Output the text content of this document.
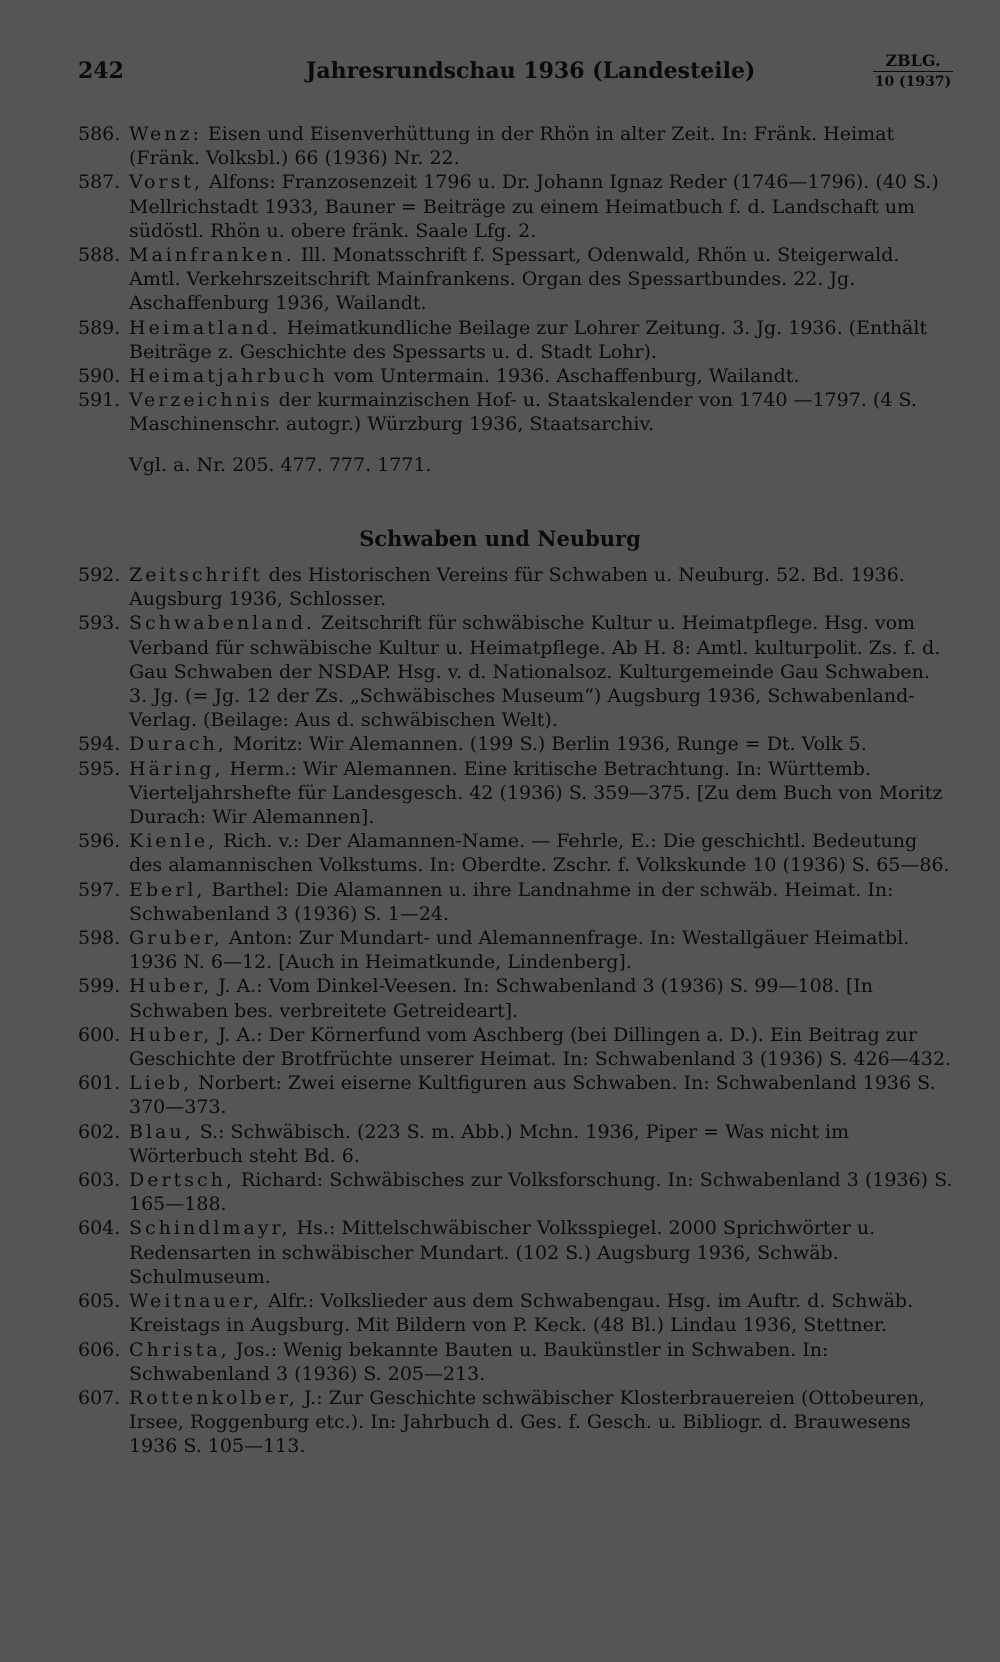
242	Jahresrundschau 1936 (Landesteile)	ZBLG.
10 (1937)

586. Wenz: Eisen und Eisenverhüttung in der Rhön in alter Zeit. In: Fränk. Heimat (Fränk. Volksbl.) 66 (1936) Nr. 22.

587. Vorst, Alfons: Franzosenzeit 1796 u. Dr. Johann Ignaz Reder (1746—1796). (40 S.) Mellrichstadt 1933, Bauner = Beiträge zu einem Heimatbuch f. d. Landschaft um südöstl. Rhön u. obere fränk. Saale Lfg. 2.

588. Mainfranken. Ill. Monatsschrift f. Spessart, Odenwald, Rhön u. Steigerwald. Amtl. Verkehrszeitschrift Mainfrankens. Organ des Spessartbundes. 22. Jg. Aschaffenburg 1936, Wailandt.

589. Heimatland. Heimatkundliche Beilage zur Lohrer Zeitung. 3. Jg. 1936. (Enthält Beiträge z. Geschichte des Spessarts u. d. Stadt Lohr).

590. Heimatjahrbuch vom Untermain. 1936. Aschaffenburg, Wailandt.

591. Verzeichnis der kurmainzischen Hof- u. Staatskalender von 1740 —1797. (4 S. Maschinenschr. autogr.) Würzburg 1936, Staatsarchiv.

Vgl. a. Nr. 205. 477. 777. 1771.
Schwaben und Neuburg

592. Zeitschrift des Historischen Vereins für Schwaben u. Neuburg. 52. Bd. 1936. Augsburg 1936, Schlosser.

593. Schwabenland. Zeitschrift für schwäbische Kultur u. Heimatpflege. Hsg. vom Verband für schwäbische Kultur u. Heimatpflege. Ab H. 8: Amtl. kulturpolit. Zs. f. d. Gau Schwaben der NSDAP. Hsg. v. d. Nationalsoz. Kulturgemeinde Gau Schwaben. 3. Jg. (= Jg. 12 der Zs. „Schwäbisches Museum“) Augsburg 1936, Schwabenland-Verlag. (Beilage: Aus d. schwäbischen Welt).

594. Durach, Moritz: Wir Alemannen. (199 S.) Berlin 1936, Runge = Dt. Volk 5.

595. Häring, Herm.: Wir Alemannen. Eine kritische Betrachtung. In: Württemb. Vierteljahrshefte für Landesgesch. 42 (1936) S. 359—375. [Zu dem Buch von Moritz Durach: Wir Alemannen].

596. Kienle, Rich. v.: Der Alamannen-Name. — Fehrle, E.: Die geschichtl. Bedeutung des alamannischen Volkstums. In: Oberdte. Zschr. f. Volkskunde 10 (1936) S. 65—86.

597. Eberl, Barthel: Die Alamannen u. ihre Landnahme in der schwäb. Heimat. In: Schwabenland 3 (1936) S. 1—24.

598. Gruber, Anton: Zur Mundart- und Alemannenfrage. In: Westallgäuer Heimatbl. 1936 N. 6—12. [Auch in Heimatkunde, Lindenberg].

599. Huber, J. A.: Vom Dinkel-Veesen. In: Schwabenland 3 (1936) S. 99—108. [In Schwaben bes. verbreitete Getreideart].

600. Huber, J. A.: Der Körnerfund vom Aschberg (bei Dillingen a. D.). Ein Beitrag zur Geschichte der Brotfrüchte unserer Heimat. In: Schwabenland 3 (1936) S. 426—432.

601. Lieb, Norbert: Zwei eiserne Kultfiguren aus Schwaben. In: Schwabenland 1936 S. 370—373.

602. Blau, S.: Schwäbisch. (223 S. m. Abb.) Mchn. 1936, Piper = Was nicht im Wörterbuch steht Bd. 6.

603. Dertsch, Richard: Schwäbisches zur Volksforschung. In: Schwabenland 3 (1936) S. 165—188.

604. Schindlmayr, Hs.: Mittelschwäbischer Volksspiegel. 2000 Sprichwörter u. Redensarten in schwäbischer Mundart. (102 S.) Augsburg 1936, Schwäb. Schulmuseum.

605. Weitnauer, Alfr.: Volkslieder aus dem Schwabengau. Hsg. im Auftr. d. Schwäb. Kreistags in Augsburg. Mit Bildern von P. Keck. (48 Bl.) Lindau 1936, Stettner.

606. Christa, Jos.: Wenig bekannte Bauten u. Baukünstler in Schwaben. In: Schwabenland 3 (1936) S. 205—213.

607. Rottenkolber, J.: Zur Geschichte schwäbischer Klosterbrauereien (Ottobeuren, Irsee, Roggenburg etc.). In: Jahrbuch d. Ges. f. Gesch. u. Bibliogr. d. Brauwesens 1936 S. 105—113.
